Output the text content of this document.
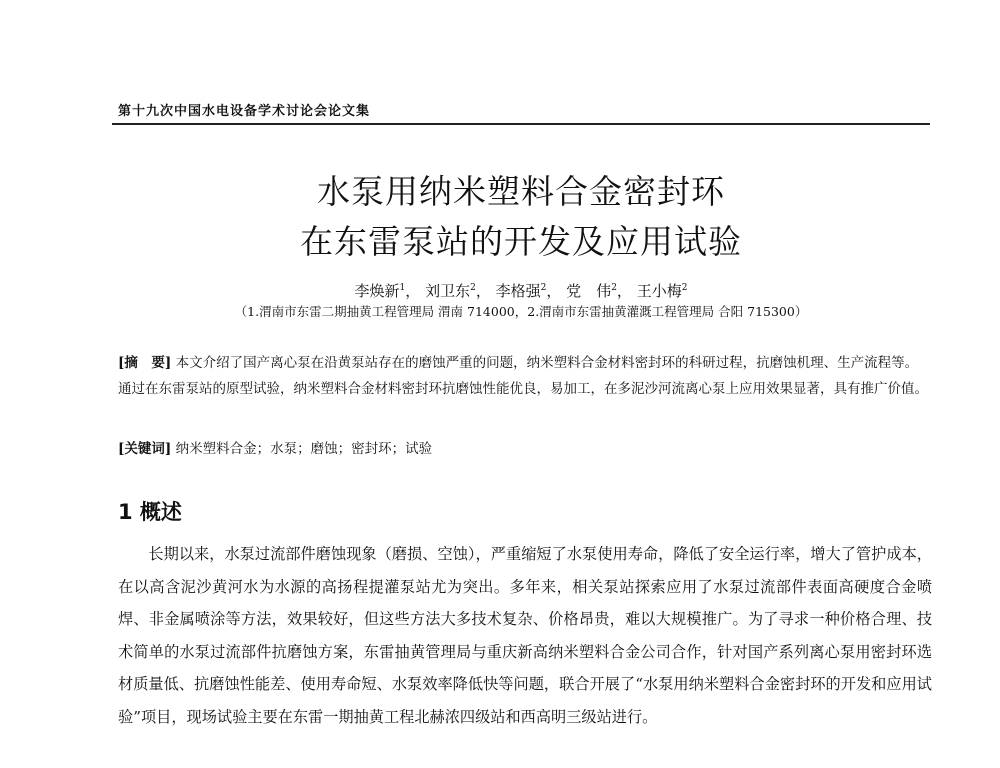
第十九次中国水电设备学术讨论会论文集
水泵用纳米塑料合金密封环
在东雷泵站的开发及应用试验
李焕新$^1$， 刘卫东$^2$， 李格强$^2$， 党　伟$^2$， 王小梅$^2$
（1.渭南市东雷二期抽黄工程管理局 渭南 714000，2.渭南市东雷抽黄灌溉工程管理局 合阳 715300）

[摘　要] 本文介绍了国产离心泵在沿黄泵站存在的磨蚀严重的问题，纳米塑料合金材料密封环的科研过程，抗磨蚀机理、生产流程等。通过在东雷泵站的原型试验，纳米塑料合金材料密封环抗磨蚀性能优良，易加工，在多泥沙河流离心泵上应用效果显著，具有推广价值。

[关键词] 纳米塑料合金；水泵；磨蚀；密封环；试验
1 概述

长期以来，水泵过流部件磨蚀现象（磨损、空蚀），严重缩短了水泵使用寿命，降低了安全运行率，增大了管护成本，在以高含泥沙黄河水为水源的高扬程提灌泵站尤为突出。多年来，相关泵站探索应用了水泵过流部件表面高硬度合金喷焊、非金属喷涂等方法，效果较好，但这些方法大多技术复杂、价格昂贵，难以大规模推广。为了寻求一种价格合理、技术简单的水泵过流部件抗磨蚀方案，东雷抽黄管理局与重庆新高纳米塑料合金公司合作，针对国产系列离心泵用密封环选材质量低、抗磨蚀性能差、使用寿命短、水泵效率降低快等问题，联合开展了“水泵用纳米塑料合金密封环的开发和应用试验”项目，现场试验主要在东雷一期抽黄工程北赫浓四级站和西高明三级站进行。
